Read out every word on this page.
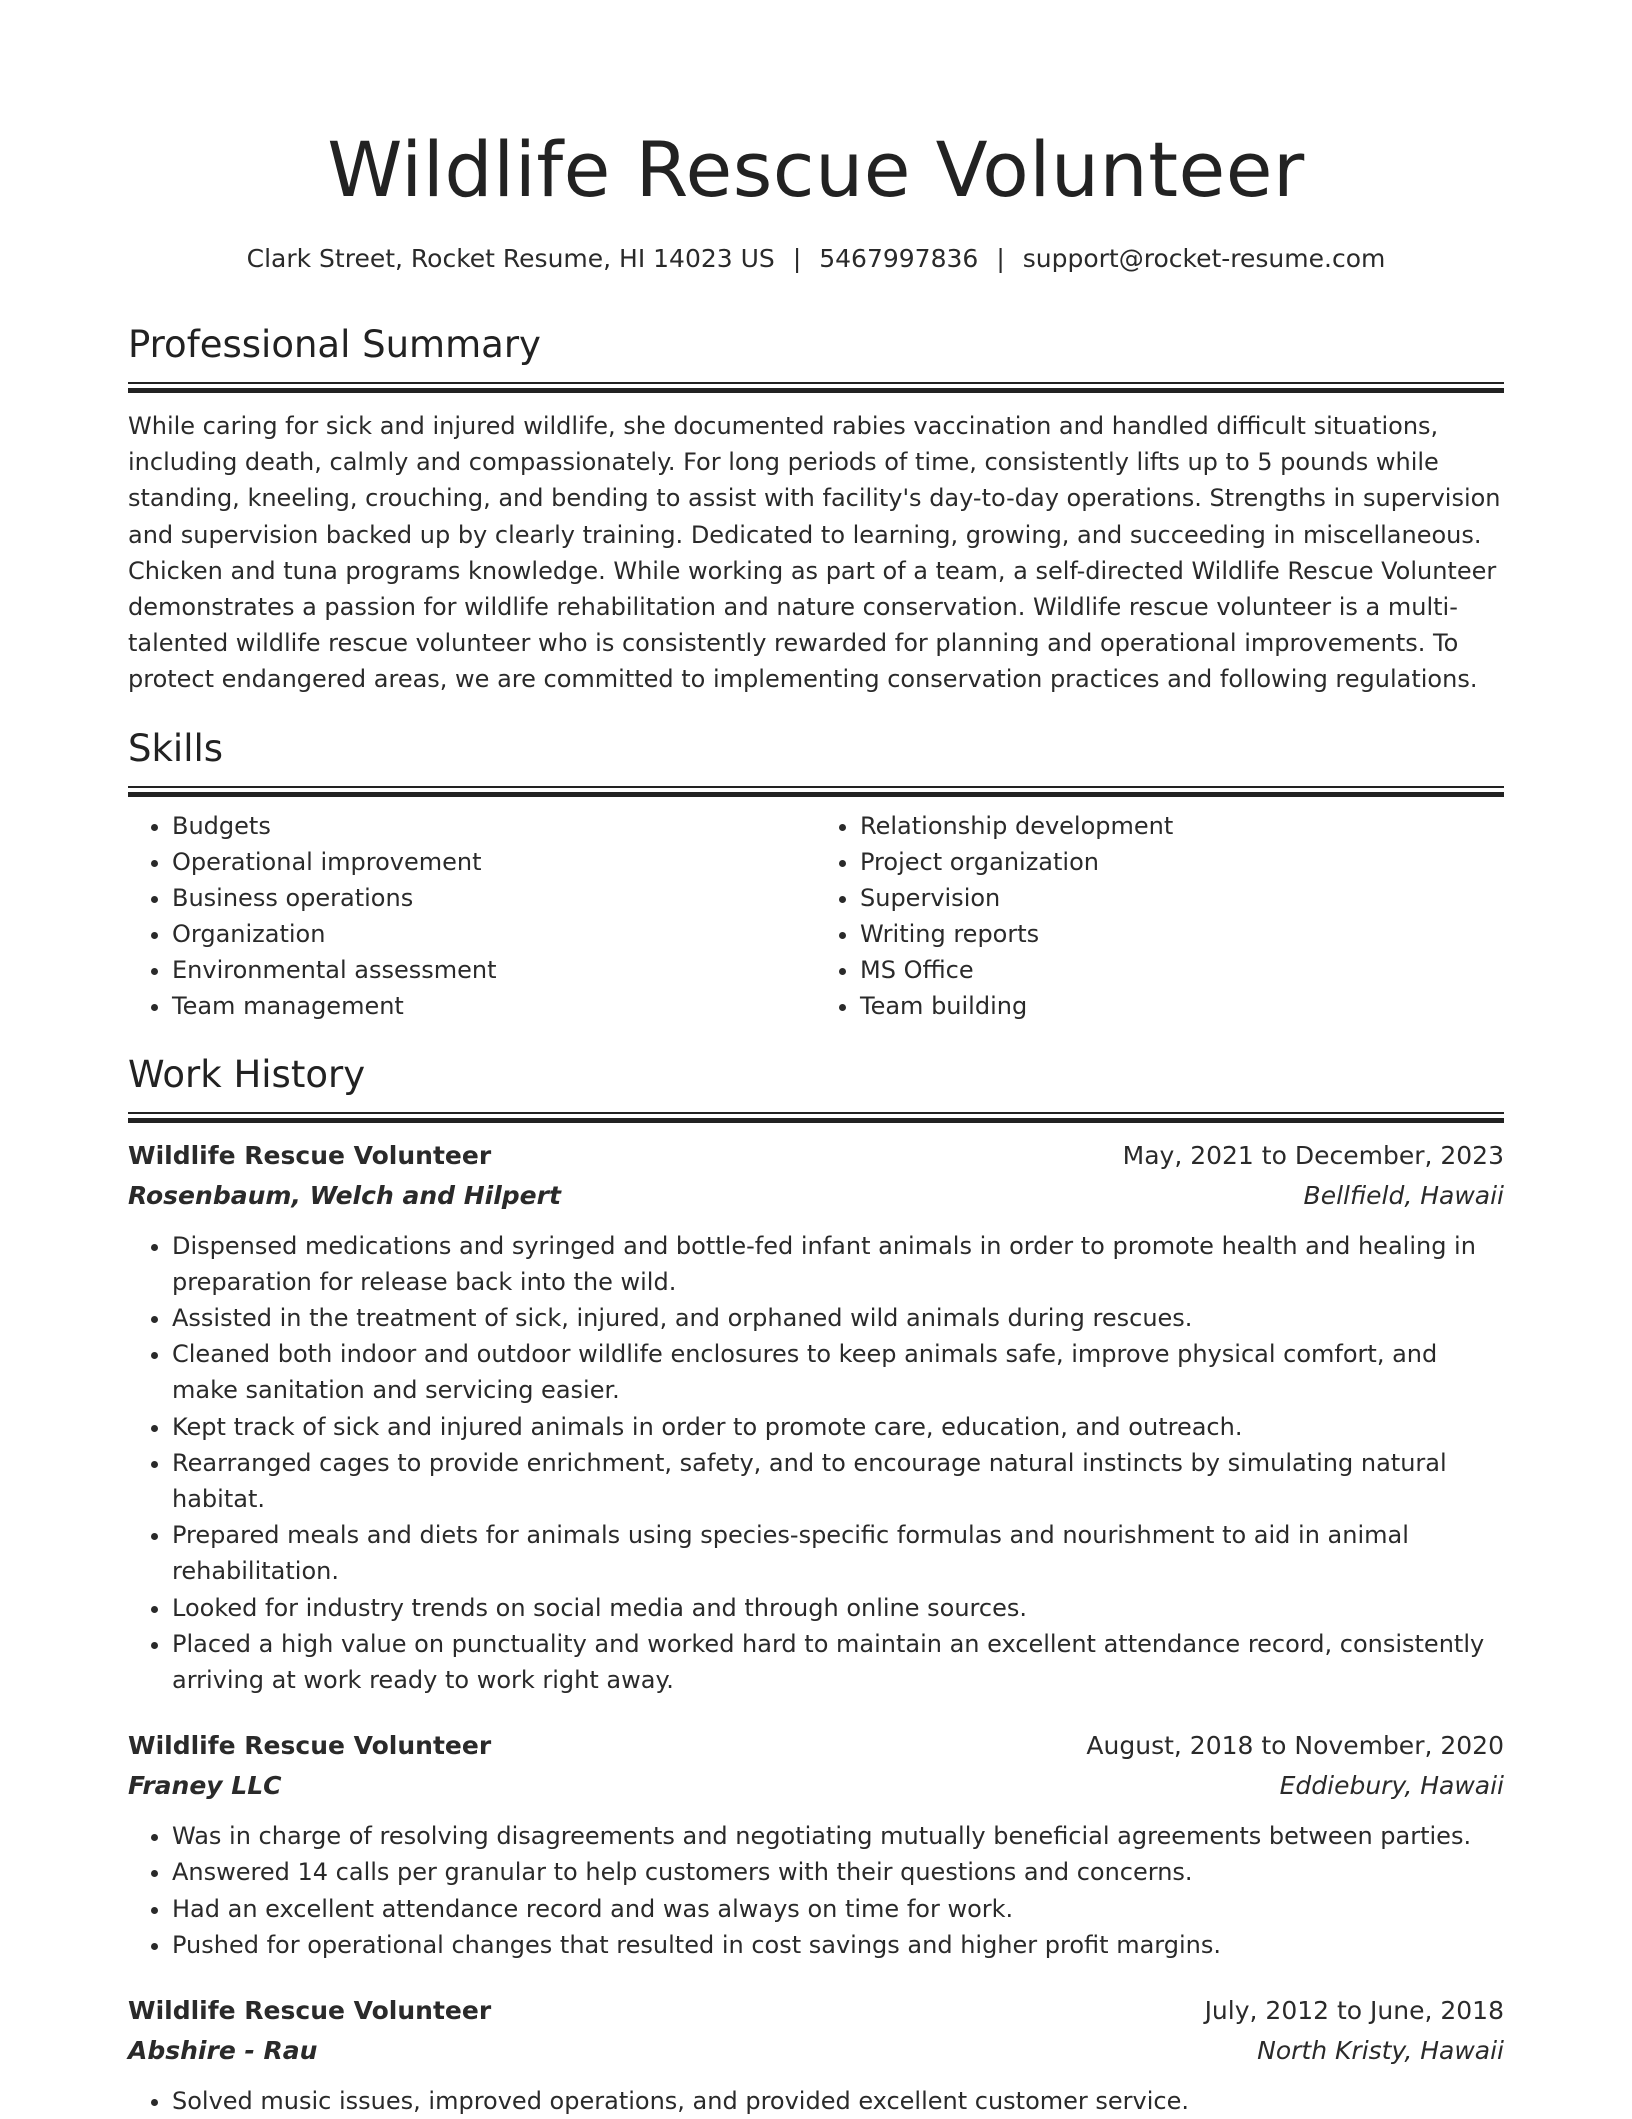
Wildlife Rescue Volunteer
Clark Street, Rocket Resume, HI 14023 US | 5467997836 | support@rocket-resume.com
Professional Summary

While caring for sick and injured wildlife, she documented rabies vaccination and handled difficult situations, including death, calmly and compassionately. For long periods of time, consistently lifts up to 5 pounds while standing, kneeling, crouching, and bending to assist with facility's day-to-day operations. Strengths in supervision and supervision backed up by clearly training. Dedicated to learning, growing, and succeeding in miscellaneous. Chicken and tuna programs knowledge. While working as part of a team, a self-directed Wildlife Rescue Volunteer demonstrates a passion for wildlife rehabilitation and nature conservation. Wildlife rescue volunteer is a multi-talented wildlife rescue volunteer who is consistently rewarded for planning and operational improvements. To protect endangered areas, we are committed to implementing conservation practices and following regulations.

Skills
• Budgets
• Operational improvement
• Business operations
• Organization
• Environmental assessment
• Team management
• Relationship development
• Project organization
• Supervision
• Writing reports
• MS Office
• Team building
Work History
Wildlife Rescue Volunteer	May, 2021 to December, 2023
Rosenbaum, Welch and Hilpert	Bellfield, Hawaii
• Dispensed medications and syringed and bottle-fed infant animals in order to promote health and healing in preparation for release back into the wild.
• Assisted in the treatment of sick, injured, and orphaned wild animals during rescues.
• Cleaned both indoor and outdoor wildlife enclosures to keep animals safe, improve physical comfort, and make sanitation and servicing easier.
• Kept track of sick and injured animals in order to promote care, education, and outreach.
• Rearranged cages to provide enrichment, safety, and to encourage natural instincts by simulating natural habitat.
• Prepared meals and diets for animals using species-specific formulas and nourishment to aid in animal rehabilitation.
• Looked for industry trends on social media and through online sources.
• Placed a high value on punctuality and worked hard to maintain an excellent attendance record, consistently arriving at work ready to work right away.
Wildlife Rescue Volunteer	August, 2018 to November, 2020
Franey LLC	Eddiebury, Hawaii
• Was in charge of resolving disagreements and negotiating mutually beneficial agreements between parties.
• Answered 14 calls per granular to help customers with their questions and concerns.
• Had an excellent attendance record and was always on time for work.
• Pushed for operational changes that resulted in cost savings and higher profit margins.
Wildlife Rescue Volunteer	July, 2012 to June, 2018
Abshire - Rau	North Kristy, Hawaii
• Solved music issues, improved operations, and provided excellent customer service.
